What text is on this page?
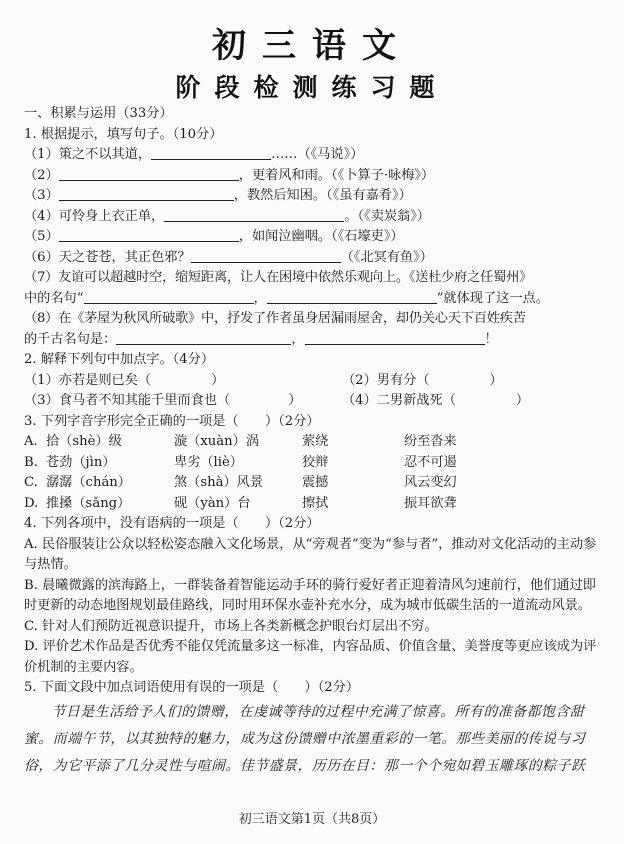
初三语文
阶段检测练习题
一、积累与运用（33分）
1. 根据提示，填写句子。（10分）
（1）策之不以其道，	……（《马说》）
（2）	，更着风和雨。（《卜算子·咏梅》）
（3）	，教然后知困。（《虽有嘉肴》）
（4）可怜身上衣正单，	。（《卖炭翁》）
（5）	，如闻泣幽咽。（《石壕吏》）
（6）天之苍苍，其正色邪？	（《北冥有鱼》）
（7）友谊可以超越时空，缩短距离，让人在困境中依然乐观向上。《送杜少府之任蜀州》
中的名句“	，	”就体现了这一点。
（8）在《茅屋为秋风所破歌》中，抒发了作者虽身居漏雨屋舍，却仍关心天下百姓疾苦
的千古名句是：	，	！
2. 解释下列句中加点字。（4分）
（1）亦若是则已矣（	）	（2）男有分（	）
（3）食马者不知其能千里而食也（	）	（4）二男新战死（	）
3. 下列字音字形完全正确的一项是（　　）（2分）
A. 拾（shè）级	漩（xuàn）涡	萦绕	纷至沓来
B. 苍劲（jìn）	卑劣（liè）	狡辩	忍不可遏
C. 潺潺（chán）	煞（shà）风景	震撼	风云变幻
D. 推搡（sǎng）	砚（yàn）台	擦拭	振耳欲聋
4. 下列各项中，没有语病的一项是（　　）（2分）
A. 民俗服装让公众以轻松姿态融入文化场景，从“旁观者”变为“参与者”，推动对文化活动的主动参与热情。
B. 晨曦微露的滨海路上，一群装备着智能运动手环的骑行爱好者正迎着清风匀速前行，他们通过即时更新的动态地图规划最佳路线，同时用环保水壶补充水分，成为城市低碳生活的一道流动风景。
C. 针对人们预防近视意识提升，市场上各类新概念护眼台灯层出不穷。
D. 评价艺术作品是否优秀不能仅凭流量多这一标准，内容品质、价值含量、美誉度等更应该成为评价机制的主要内容。
5. 下面文段中加点词语使用有误的一项是（　　）（2分）
节日是生活给予人们的馈赠，在虔诚等待的过程中充满了惊喜。所有的准备都饱含甜蜜。而端午节，以其独特的魅力，成为这份馈赠中浓墨重彩的一笔。那些美丽的传说与习俗，为它平添了几分灵性与喧闹。佳节盛景，历历在目：那一个个宛如碧玉雕琢的粽子跃
初三语文第1页（共8页）
